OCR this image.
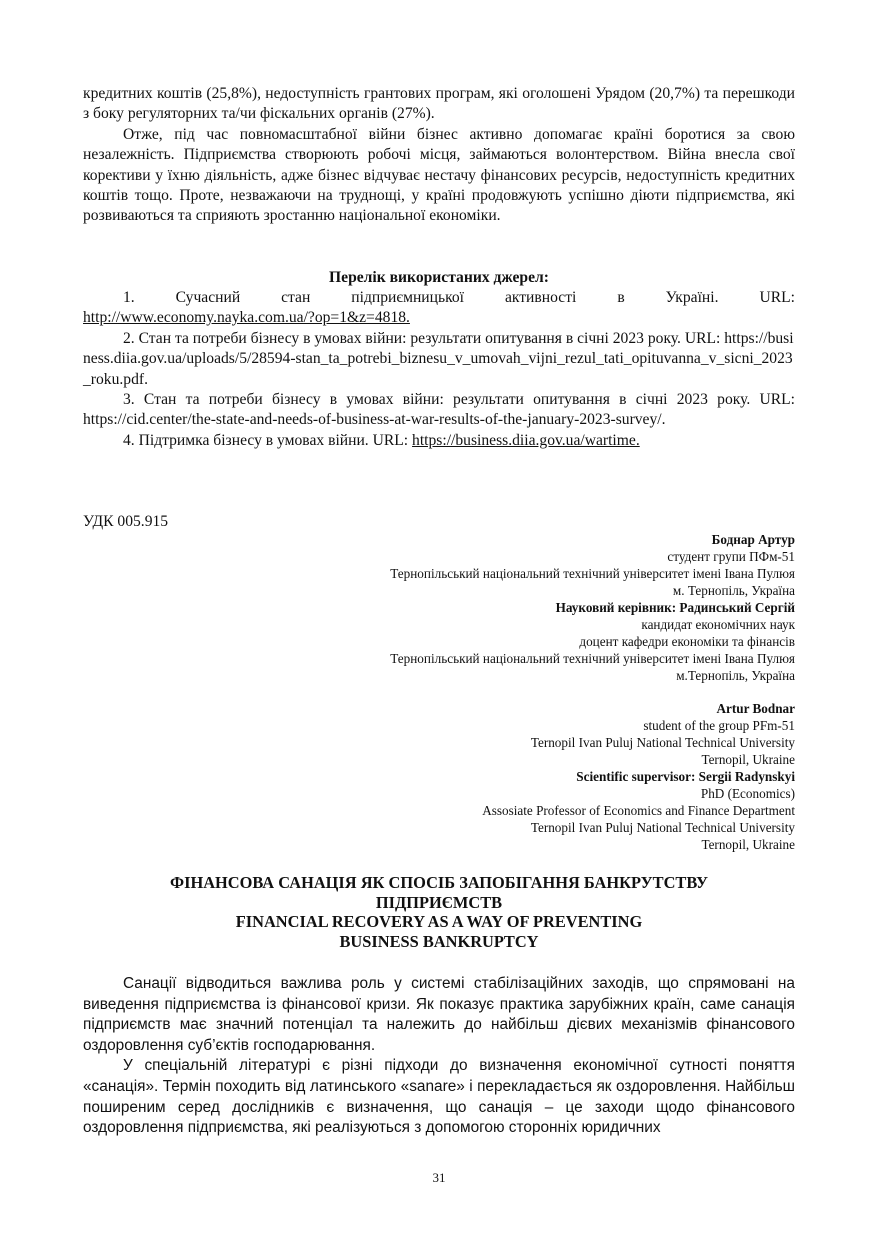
кредитних коштів (25,8%), недоступність грантових програм, які оголошені Урядом (20,7%) та перешкоди з боку регуляторних та/чи фіскальних органів (27%).

Отже, під час повномасштабної війни бізнес активно допомагає країні боротися за свою незалежність. Підприємства створюють робочі місця, займаються волонтерством. Війна внесла свої корективи у їхню діяльність, адже бізнес відчуває нестачу фінансових ресурсів, недоступність кредитних коштів тощо. Проте, незважаючи на труднощі, у країні продовжують успішно діюти підприємства, які розвиваються та сприяють зростанню національної економіки.

Перелік використаних джерел:

1. Сучасний стан підприємницької активності в Україні. URL:

http://www.economy.nayka.com.ua/?op=1&z=4818.

2. Стан та потреби бізнесу в умовах війни: результати опитування в січні 2023 року. URL: https://business.diia.gov.ua/uploads/5/28594-stan_ta_potrebi_biznesu_v_umovah_vijni_rezul_tati_opituvanna_v_sicni_2023_roku.pdf.

3. Стан та потреби бізнесу в умовах війни: результати опитування в січні 2023 року. URL: https://cid.center/the-state-and-needs-of-business-at-war-results-of-the-january-2023-survey/.

4. Підтримка бізнесу в умовах війни. URL: https://business.diia.gov.ua/wartime.

УДК 005.915
Боднар Артур
студент групи ПФм-51
Тернопільський національний технічний університет імені Івана Пулюя
м. Тернопіль, Україна
Науковий керівник: Радинський Сергій
кандидат економічних наук
доцент кафедри економіки та фінансів
Тернопільський національний технічний університет імені Івана Пулюя
м.Тернопіль, Україна
Artur Bodnar
student of the group PFm-51
Ternopil Ivan Puluj National Technical University
Ternopil, Ukraine
Scientific supervisor: Sergii Radynskyi
PhD (Economics)
Assosiate Professor of Economics and Finance Department
Ternopil Ivan Puluj National Technical University
Ternopil, Ukraine
ФІНАНСОВА САНАЦІЯ ЯК СПОСІБ ЗАПОБІГАННЯ БАНКРУТСТВУ
ПІДПРИЄМСТВ
FINANCIAL RECOVERY AS A WAY OF PREVENTING
BUSINESS BANKRUPTCY

Санації відводиться важлива роль у системі стабілізаційних заходів, що спрямовані на виведення підприємства із фінансової кризи. Як показує практика зарубіжних країн, саме санація підприємств має значний потенціал та належить до найбільш дієвих механізмів фінансового оздоровлення суб’єктів господарювання.

У спеціальній літературі є різні підходи до визначення економічної сутності поняття «санація». Термін походить від латинського «sanare» і перекладається як оздоровлення. Найбільш поширеним серед дослідників є визначення, що санація – це заходи щодо фінансового оздоровлення підприємства, які реалізуються з допомогою сторонніх юридичних

31
